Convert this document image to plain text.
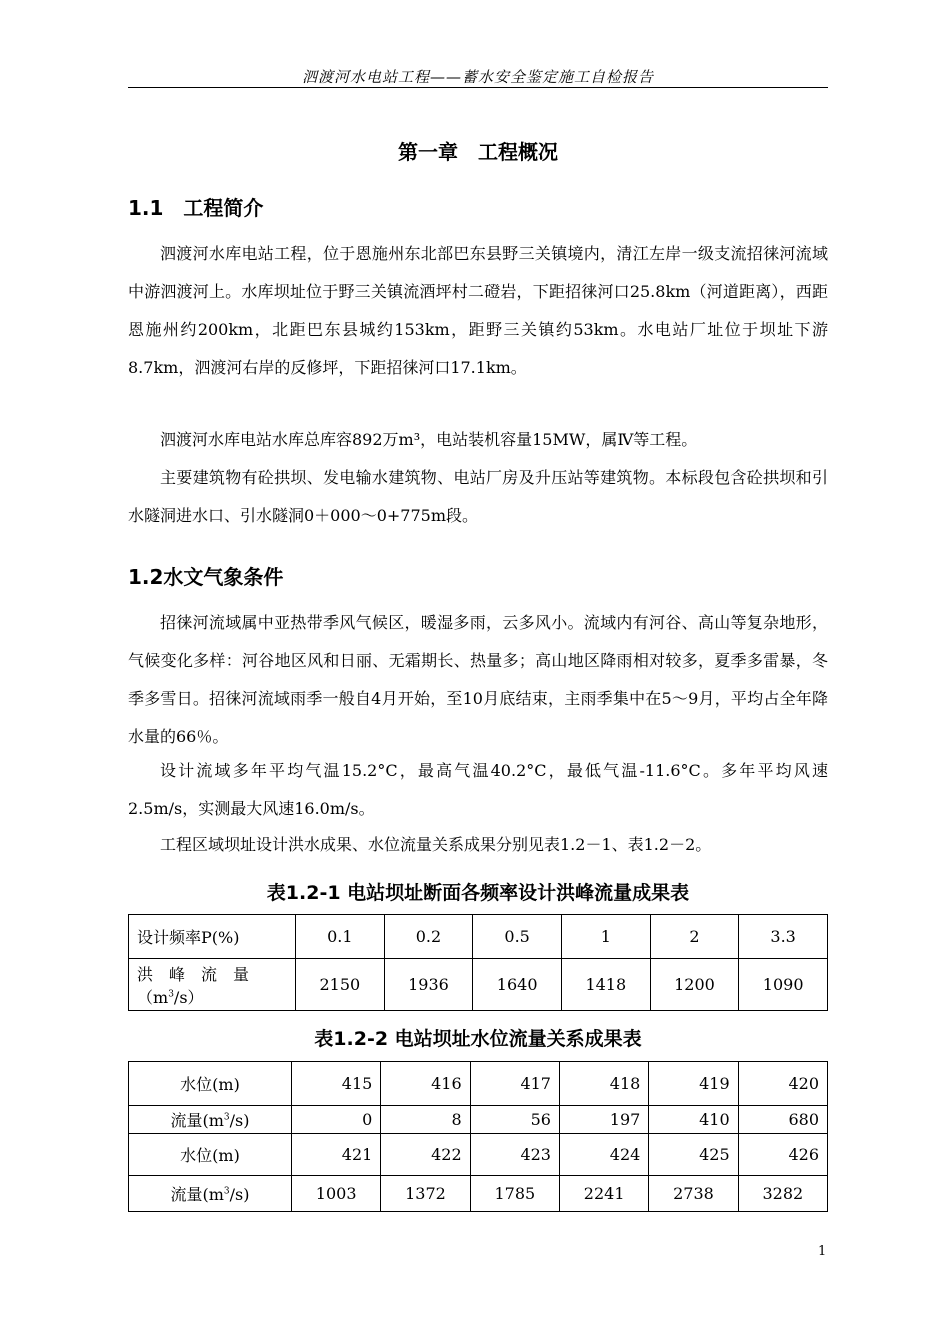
泗渡河水电站工程——蓄水安全鉴定施工自检报告
第一章　工程概况
1.1　工程简介

泗渡河水库电站工程，位于恩施州东北部巴东县野三关镇境内，清江左岸一级支流招徕河流域中游泗渡河上。水库坝址位于野三关镇流酒坪村二磴岩，下距招徕河口25.8km（河道距离），西距恩施州约200km，北距巴东县城约153km，距野三关镇约53km。水电站厂址位于坝址下游8.7km，泗渡河右岸的反修坪，下距招徕河口17.1km。

泗渡河水库电站水库总库容892万m³，电站装机容量15MW，属Ⅳ等工程。

主要建筑物有砼拱坝、发电输水建筑物、电站厂房及升压站等建筑物。本标段包含砼拱坝和引水隧洞进水口、引水隧洞0＋000～0+775m段。

1.2水文气象条件

招徕河流域属中亚热带季风气候区，暖湿多雨，云多风小。流域内有河谷、高山等复杂地形，气候变化多样：河谷地区风和日丽、无霜期长、热量多；高山地区降雨相对较多，夏季多雷暴，冬季多雪日。招徕河流域雨季一般自4月开始，至10月底结束，主雨季集中在5～9月，平均占全年降水量的66％。

设计流域多年平均气温15.2°C，最高气温40.2°C，最低气温-11.6°C。多年平均风速2.5m/s，实测最大风速16.0m/s。

工程区域坝址设计洪水成果、水位流量关系成果分别见表1.2－1、表1.2－2。

表1.2-1 电站坝址断面各频率设计洪峰流量成果表
设计频率P(%)	0.1	0.2	0.5	1	2	3.3

洪　峰　流　量
$(m^3/s)$	2150	1936	1640	1418	1200	1090
表1.2-2 电站坝址水位流量关系成果表
水位(m)	415	416	417	418	419	420
流量$(m^3/s)$	0	8	56	197	410	680
水位(m)	421	422	423	424	425	426
流量$(m^3/s)$	1003	1372	1785	2241	2738	3282
1
